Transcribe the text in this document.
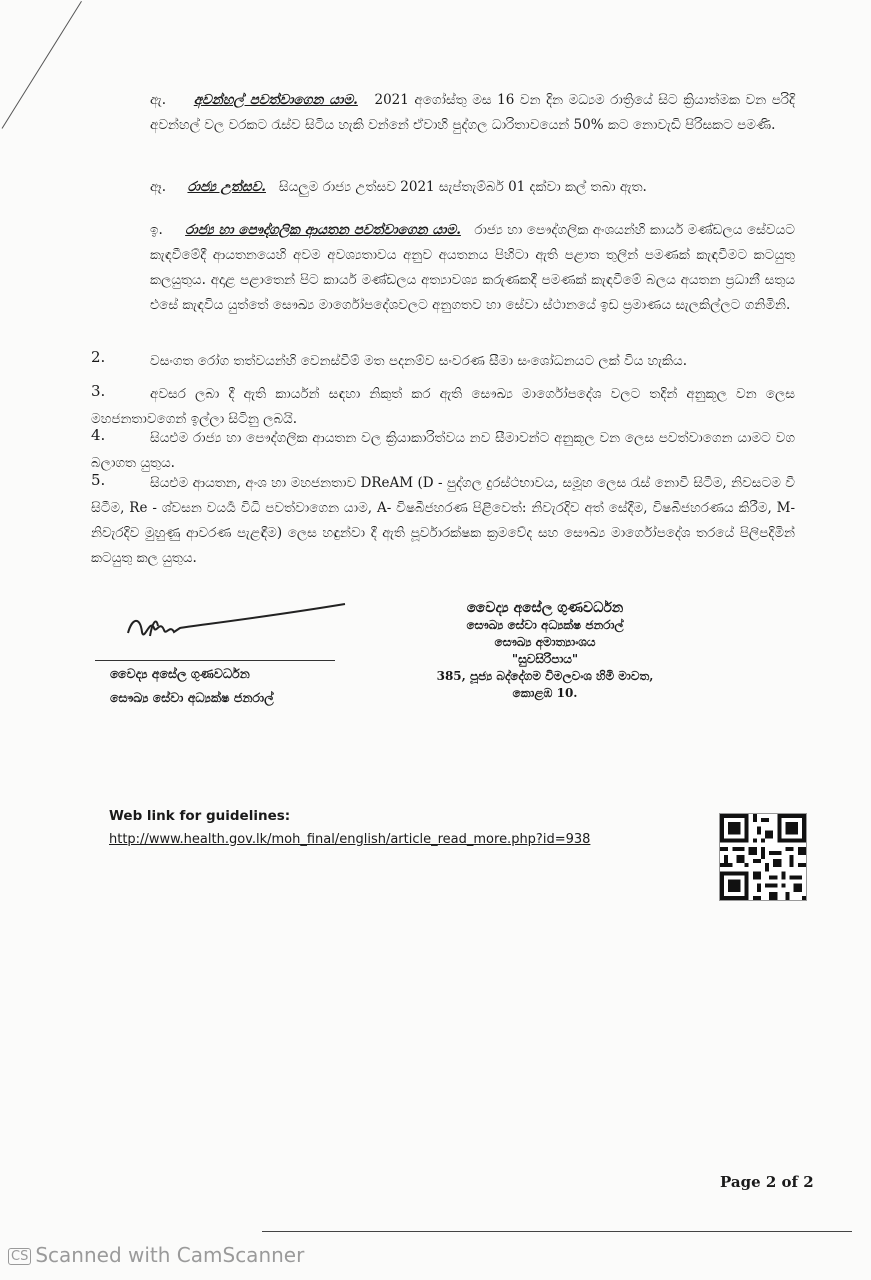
ඇ. අවන්හල් පවත්වාගෙන යාම. 2021 අගෝස්තු මස 16 වන දින මධ්‍යම රාත්‍රියේ සිට ක්‍රියාත්මක වන පරිදි අවන්හල් වල වරකට රැස්ව සිටිය හැකි වන්නේ ඒවාහි පුද්ගල ධාරිතාවයෙන් 50% කට නොවැඩි පිරිසකට පමණි.
ඈ. රාජ්‍ය උත්සව. සියලුම රාජ්‍ය උත්සව 2021 සැප්තැම්බර් 01 දක්වා කල් තබා ඇත.
ඉ. රාජ්‍ය හා පෞද්ගලික ආයතන පවත්වාගෙන යාම. රාජ්‍ය හා පෞද්ගලික අංශයන්හි කාර්ය මණ්ඩලය සේවයට කැඳවීමේදී ආයතනයෙහි අවම අවශ්‍යතාවය අනුව අයතනය පිහිටා ඇති පළාත තුලින් පමණක් කැඳවීමට කටයුතු කලයුතුය. අදාළ පළාතෙන් පිට කාර්ය මණ්ඩලය අත්‍යාවශ්‍ය කරුණකදී පමණක් කැඳවීමේ බලය අයතන ප්‍රධානී සතුය එසේ කැඳවිය යුත්තේ සෞඛ්‍ය මාර්ගෝපදේශවලට අනුගතව හා සේවා ස්ථානයේ ඉඩ ප්‍රමාණය සැලකිල්ලට ගනිමිනි.
2.	වසංගත රෝග තත්වයන්හි වෙනස්වීම් මත පදනම්ව සංවරණ සීමා සංශෝධනයට ලක් විය හැකිය.
3.	අවසර ලබා දී ඇති කාර්යන් සඳහා නිකුත් කර ඇති සෞඛ්‍ය මාර්ගෝපදේශ වලට තදින් අනුකූල වන ලෙස මහජනතාවගෙන් ඉල්ලා සිටිනු ලබයි.
4.	සියළුම රාජ්‍ය හා පෞද්ගලික ආයතන වල ක්‍රියාකාරිත්වය නව සීමාවන්ට අනුකූල වන ලෙස පවත්වාගෙන යාමට වග බලාගත යුතුය.
5.	සියළුම ආයතන, අංශ හා මහජනතාව DReAM (D - පුද්ගල දුරස්ථභාවය, සමූහ ලෙස රැස් නොවී සිටීම, නිවසටම වී සිටීම, Re - ශ්වසන වයර්‍ය විධි පවත්වාගෙන යාම, A- විෂබීජහරණ පිළිවෙත්: නිවැරදිව අත් සේදීම, විෂබීජහරණය කිරීම, M- නිවැරදිව මුහුණු ආවරණ පැළඳීම) ලෙස හඳුන්වා දී ඇති පූර්වාරක්ෂක ක්‍රමවේද සහ සෞඛ්‍ය මාර්ගෝපදේශ තරයේ පිලිපදිමින් කටයුතු කල යුතුය.
වෛද්‍ය අසේල ගුණවර්ධන
සෞඛ්‍ය සේවා අධ්‍යක්ෂ ජනරාල්
වෛද්‍ය අසේල ගුණවර්ධන
සෞඛ්‍ය සේවා අධ්‍යක්ෂ ජනරාල්
සෞඛ්‍ය අමාත්‍යාංශය
"සුවසිරිපාය"
385, පූජ්‍ය බද්දේගම විමලවංශ හිමි මාවත,
කොළඹ 10.
Web link for guidelines:
http://www.health.gov.lk/moh_final/english/article_read_more.php?id=938
Page 2 of 2
CS Scanned with CamScanner
